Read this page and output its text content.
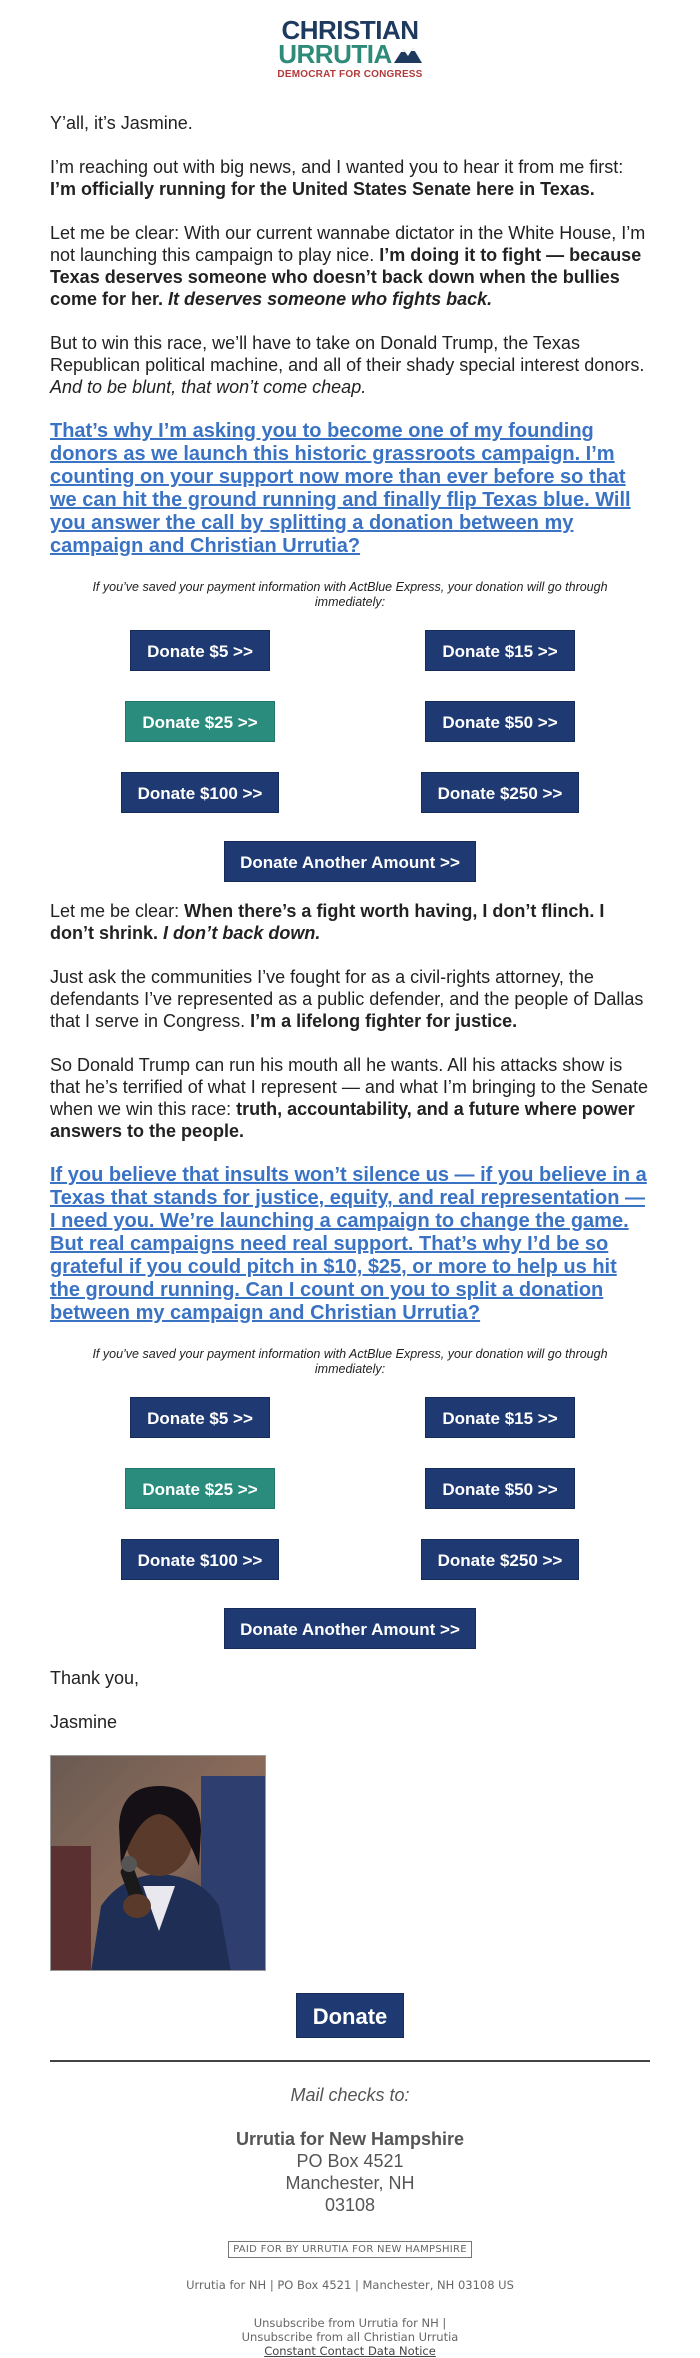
CHRISTIAN
URRUTIA
DEMOCRAT FOR CONGRESS

Y’all, it’s Jasmine.

I’m reaching out with big news, and I wanted you to hear it from me first: I’m officially running for the United States Senate here in Texas.

Let me be clear: With our current wannabe dictator in the White House, I’m not launching this campaign to play nice. I’m doing it to fight — because Texas deserves someone who doesn’t back down when the bullies come for her. It deserves someone who fights back.

But to win this race, we’ll have to take on Donald Trump, the Texas Republican political machine, and all of their shady special interest donors. And to be blunt, that won’t come cheap.

That’s why I’m asking you to become one of my founding donors as we launch this historic grassroots campaign. I’m counting on your support now more than ever before so that we can hit the ground running and finally flip Texas blue. Will you answer the call by splitting a donation between my campaign and Christian Urrutia?
If you’ve saved your payment information with ActBlue Express, your donation will go through immediately:
Donate $5 >>	Donate $15 >>
Donate $25 >>	Donate $50 >>
Donate $100 >>	Donate $250 >>
Donate Another Amount >>

Let me be clear: When there’s a fight worth having, I don’t flinch. I don’t shrink. I don’t back down.

Just ask the communities I’ve fought for as a civil-rights attorney, the defendants I’ve represented as a public defender, and the people of Dallas that I serve in Congress. I’m a lifelong fighter for justice.

So Donald Trump can run his mouth all he wants. All his attacks show is that he’s terrified of what I represent — and what I’m bringing to the Senate when we win this race: truth, accountability, and a future where power answers to the people.

If you believe that insults won’t silence us — if you believe in a Texas that stands for justice, equity, and real representation — I need you. We’re launching a campaign to change the game. But real campaigns need real support. That’s why I’d be so grateful if you could pitch in $10, $25, or more to help us hit the ground running. Can I count on you to split a donation between my campaign and Christian Urrutia?
If you’ve saved your payment information with ActBlue Express, your donation will go through immediately:
Donate $5 >>	Donate $15 >>
Donate $25 >>	Donate $50 >>
Donate $100 >>	Donate $250 >>
Donate Another Amount >>

Thank you,

Jasmine

Donate
Mail checks to:
Urrutia for New Hampshire
PO Box 4521
Manchester, NH
03108
PAID FOR BY URRUTIA FOR NEW HAMPSHIRE
Urrutia for NH | PO Box 4521 | Manchester, NH 03108 US
Unsubscribe from Urrutia for NH |
Unsubscribe from all Christian Urrutia
Constant Contact Data Notice
